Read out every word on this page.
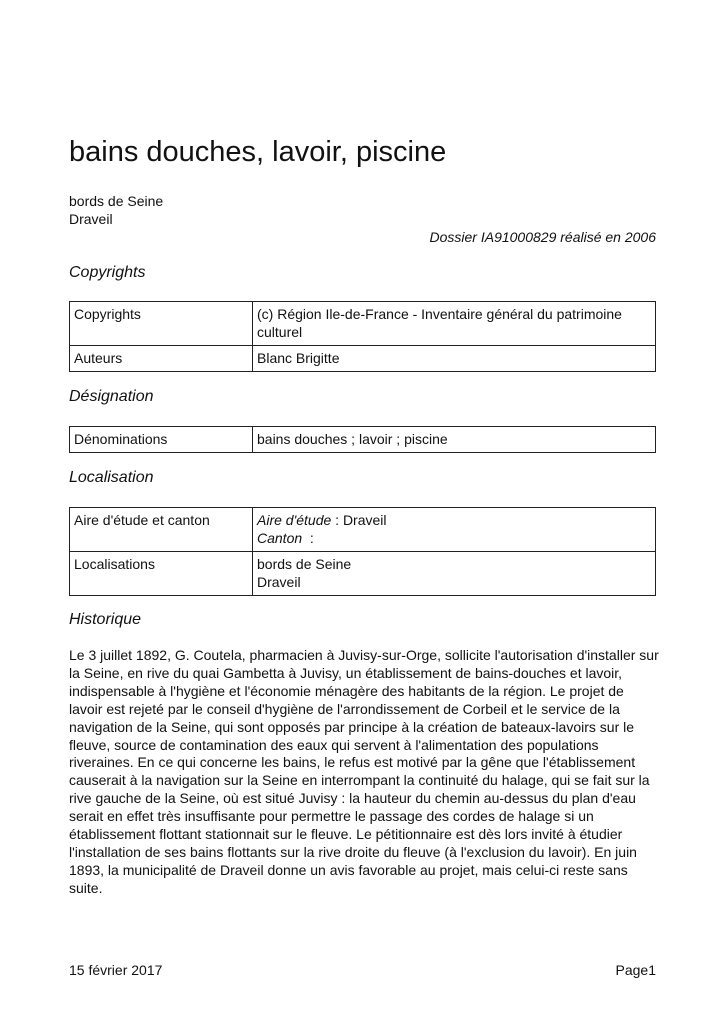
bains douches, lavoir, piscine
bords de Seine
Draveil
Dossier IA91000829 réalisé en 2006
Copyrights
Copyrights	(c) Région Ile-de-France - Inventaire général du patrimoine culturel
Auteurs	Blanc Brigitte
Désignation
Dénominations	bains douches ; lavoir ; piscine
Localisation
Aire d'étude et canton	Aire d'étude : Draveil
Canton  :

Localisations	bords de Seine
Draveil
Historique

Le 3 juillet 1892, G. Coutela, pharmacien à Juvisy-sur-Orge, sollicite l'autorisation d'installer sur la Seine, en rive du quai Gambetta à Juvisy, un établissement de bains-douches et lavoir, indispensable à l'hygiène et l'économie ménagère des habitants de la région. Le projet de lavoir est rejeté par le conseil d'hygiène de l'arrondissement de Corbeil et le service de la navigation de la Seine, qui sont opposés par principe à la création de bateaux-lavoirs sur le fleuve, source de contamination des eaux qui servent à l'alimentation des populations riveraines. En ce qui concerne les bains, le refus est motivé par la gêne que l'établissement causerait à la navigation sur la Seine en interrompant la continuité du halage, qui se fait sur la rive gauche de la Seine, où est situé Juvisy : la hauteur du chemin au-dessus du plan d'eau serait en effet très insuffisante pour permettre le passage des cordes de halage si un établissement flottant stationnait sur le fleuve. Le pétitionnaire est dès lors invité à étudier l'installation de ses bains flottants sur la rive droite du fleuve (à l'exclusion du lavoir). En juin 1893, la municipalité de Draveil donne un avis favorable au projet, mais celui-ci reste sans suite.

15 février 2017	Page1
